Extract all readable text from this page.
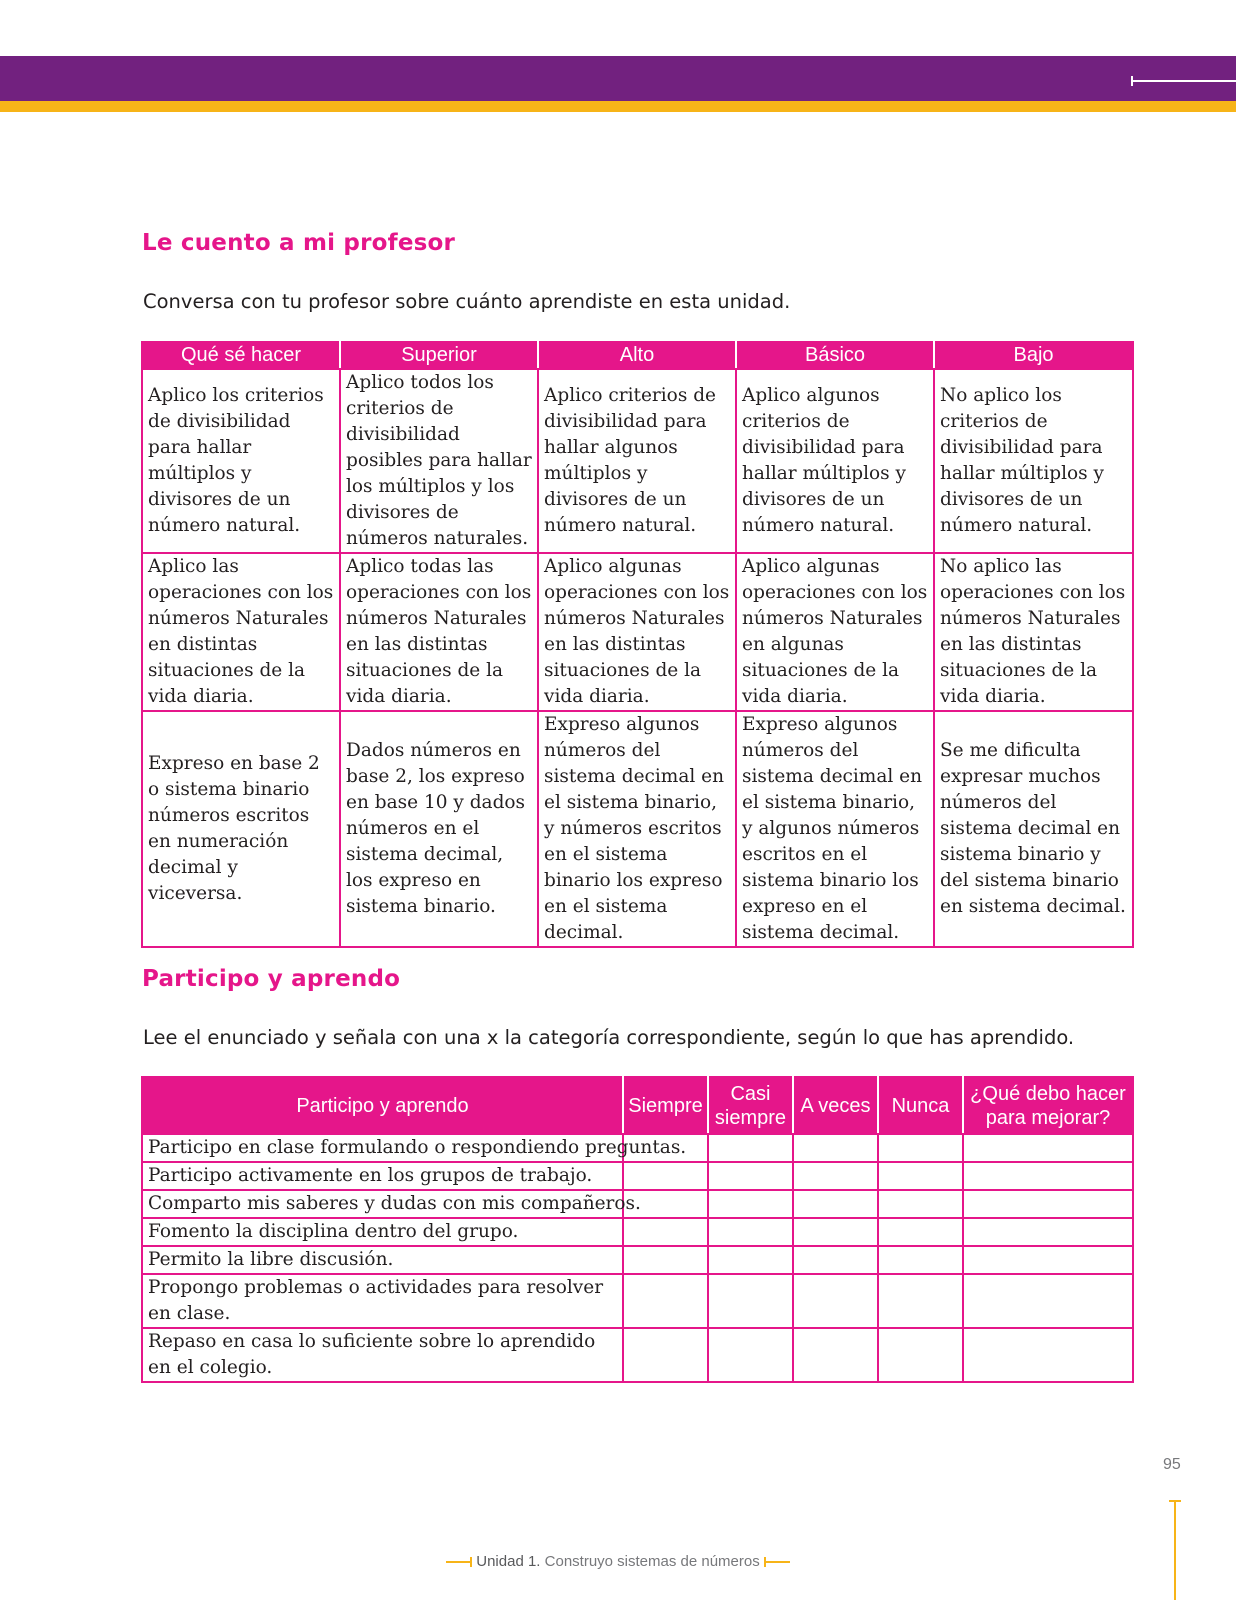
Le cuento a mi profesor

Conversa con tu profesor sobre cuánto aprendiste en esta unidad.

Qué sé hacer	Superior	Alto	Básico	Bajo
Aplico los criterios de divisibilidad para hallar múltiplos y divisores de un número natural.	Aplico todos los criterios de divisibilidad posibles para hallar los múltiplos y los divisores de números naturales.	Aplico criterios de divisibilidad para hallar algunos múltiplos y divisores de un número natural.	Aplico algunos criterios de divisibilidad para hallar múltiplos y divisores de un número natural.	No aplico los criterios de divisibilidad para hallar múltiplos y divisores de un número natural.
Aplico las operaciones con los números Naturales en distintas situaciones de la vida diaria.	Aplico todas las operaciones con los números Naturales en las distintas situaciones de la vida diaria.	Aplico algunas operaciones con los números Naturales en las distintas situaciones de la vida diaria.	Aplico algunas operaciones con los números Naturales en algunas situaciones de la vida diaria.	No aplico las operaciones con los números Naturales en las distintas situaciones de la vida diaria.
Expreso en base 2 o sistema binario números escritos en numeración decimal y viceversa.	Dados números en base 2, los expreso en base 10 y dados números en el sistema decimal, los expreso en sistema binario.	Expreso algunos números del sistema decimal en el sistema binario, y números escritos en el sistema binario los expreso en el sistema decimal.	Expreso algunos números del sistema decimal en el sistema binario, y algunos números escritos en el sistema binario los expreso en el sistema decimal.	Se me dificulta expresar muchos números del sistema decimal en sistema binario y del sistema binario en sistema decimal.
Participo y aprendo

Lee el enunciado y señala con una x la categoría correspondiente, según lo que has aprendido.

Participo y aprendo	Siempre	Casi siempre	A veces	Nunca	¿Qué debo hacer para mejorar?
Participo en clase formulando o respondiendo preguntas.					
Participo activamente en los grupos de trabajo.					
Comparto mis saberes y dudas con mis compañeros.					
Fomento la disciplina dentro del grupo.					
Permito la libre discusión.					
Propongo problemas o actividades para resolver en clase.					
Repaso en casa lo suficiente sobre lo aprendido en el colegio.					
95
Unidad 1. Construyo sistemas de números
